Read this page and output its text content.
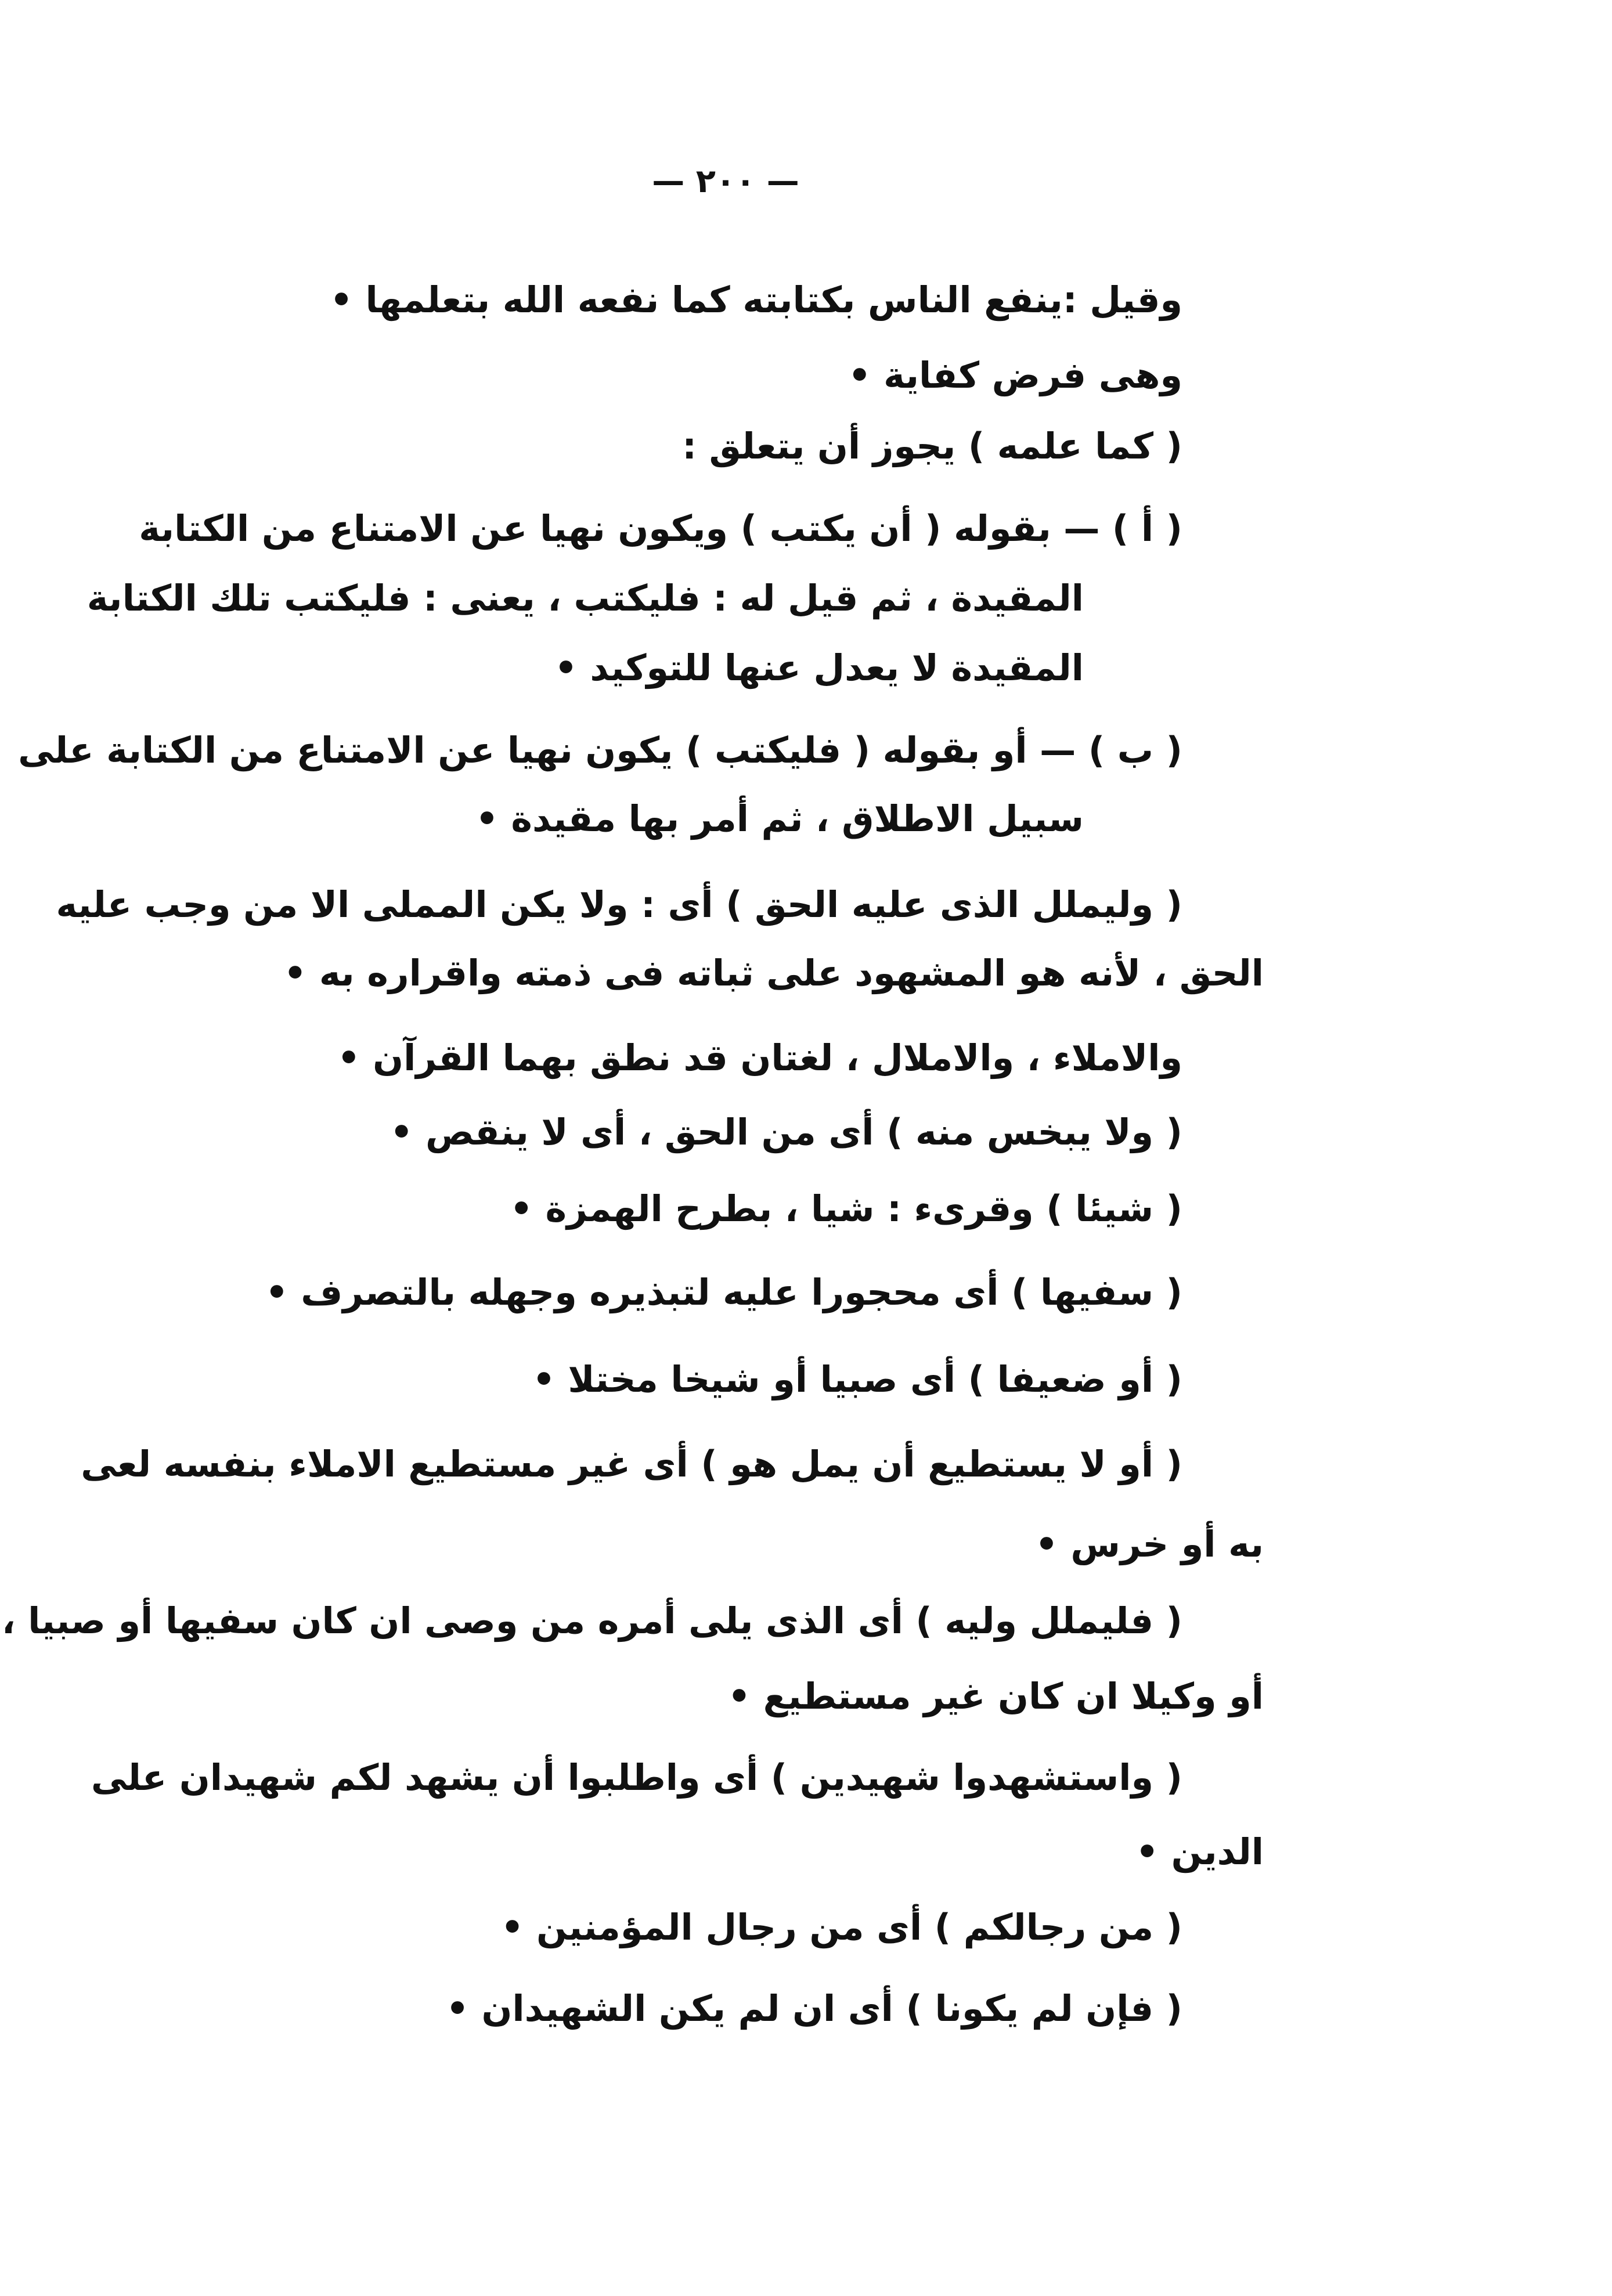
— ٢٠٠ —
وقيل :ينفع الناس بكتابته كما نفعه الله بتعلمها •
وهى فرض كفاية •
( كما علمه ) يجوز أن يتعلق :
( أ ) — بقوله ( أن يكتب ) ويكون نهيا عن الامتناع من الكتابة
المقيدة ، ثم قيل له : فليكتب ، يعنى : فليكتب تلك الكتابة
المقيدة لا يعدل عنها للتوكيد •
( ب ) — أو بقوله ( فليكتب ) يكون نهيا عن الامتناع من الكتابة على
سبيل الاطلاق ، ثم أمر بها مقيدة •
( وليملل الذى عليه الحق ) أى : ولا يكن المملى الا من وجب عليه
الحق ، لأنه هو المشهود على ثباته فى ذمته واقراره به •
والاملاء ، والاملال ، لغتان قد نطق بهما القرآن •
( ولا يبخس منه ) أى من الحق ، أى لا ينقص •
( شيئا ) وقرىء : شيا ، بطرح الهمزة •
( سفيها ) أى محجورا عليه لتبذيره وجهله بالتصرف •
( أو ضعيفا ) أى صبيا أو شيخا مختلا •
( أو لا يستطيع أن يمل هو ) أى غير مستطيع الاملاء بنفسه لعى
به أو خرس •
( فليملل وليه ) أى الذى يلى أمره من وصى ان كان سفيها أو صبيا ،
أو وكيلا ان كان غير مستطيع •
( واستشهدوا شهيدين ) أى واطلبوا أن يشهد لكم شهيدان على
الدين •
( من رجالكم ) أى من رجال المؤمنين •
( فإن لم يكونا ) أى ان لم يكن الشهيدان •
